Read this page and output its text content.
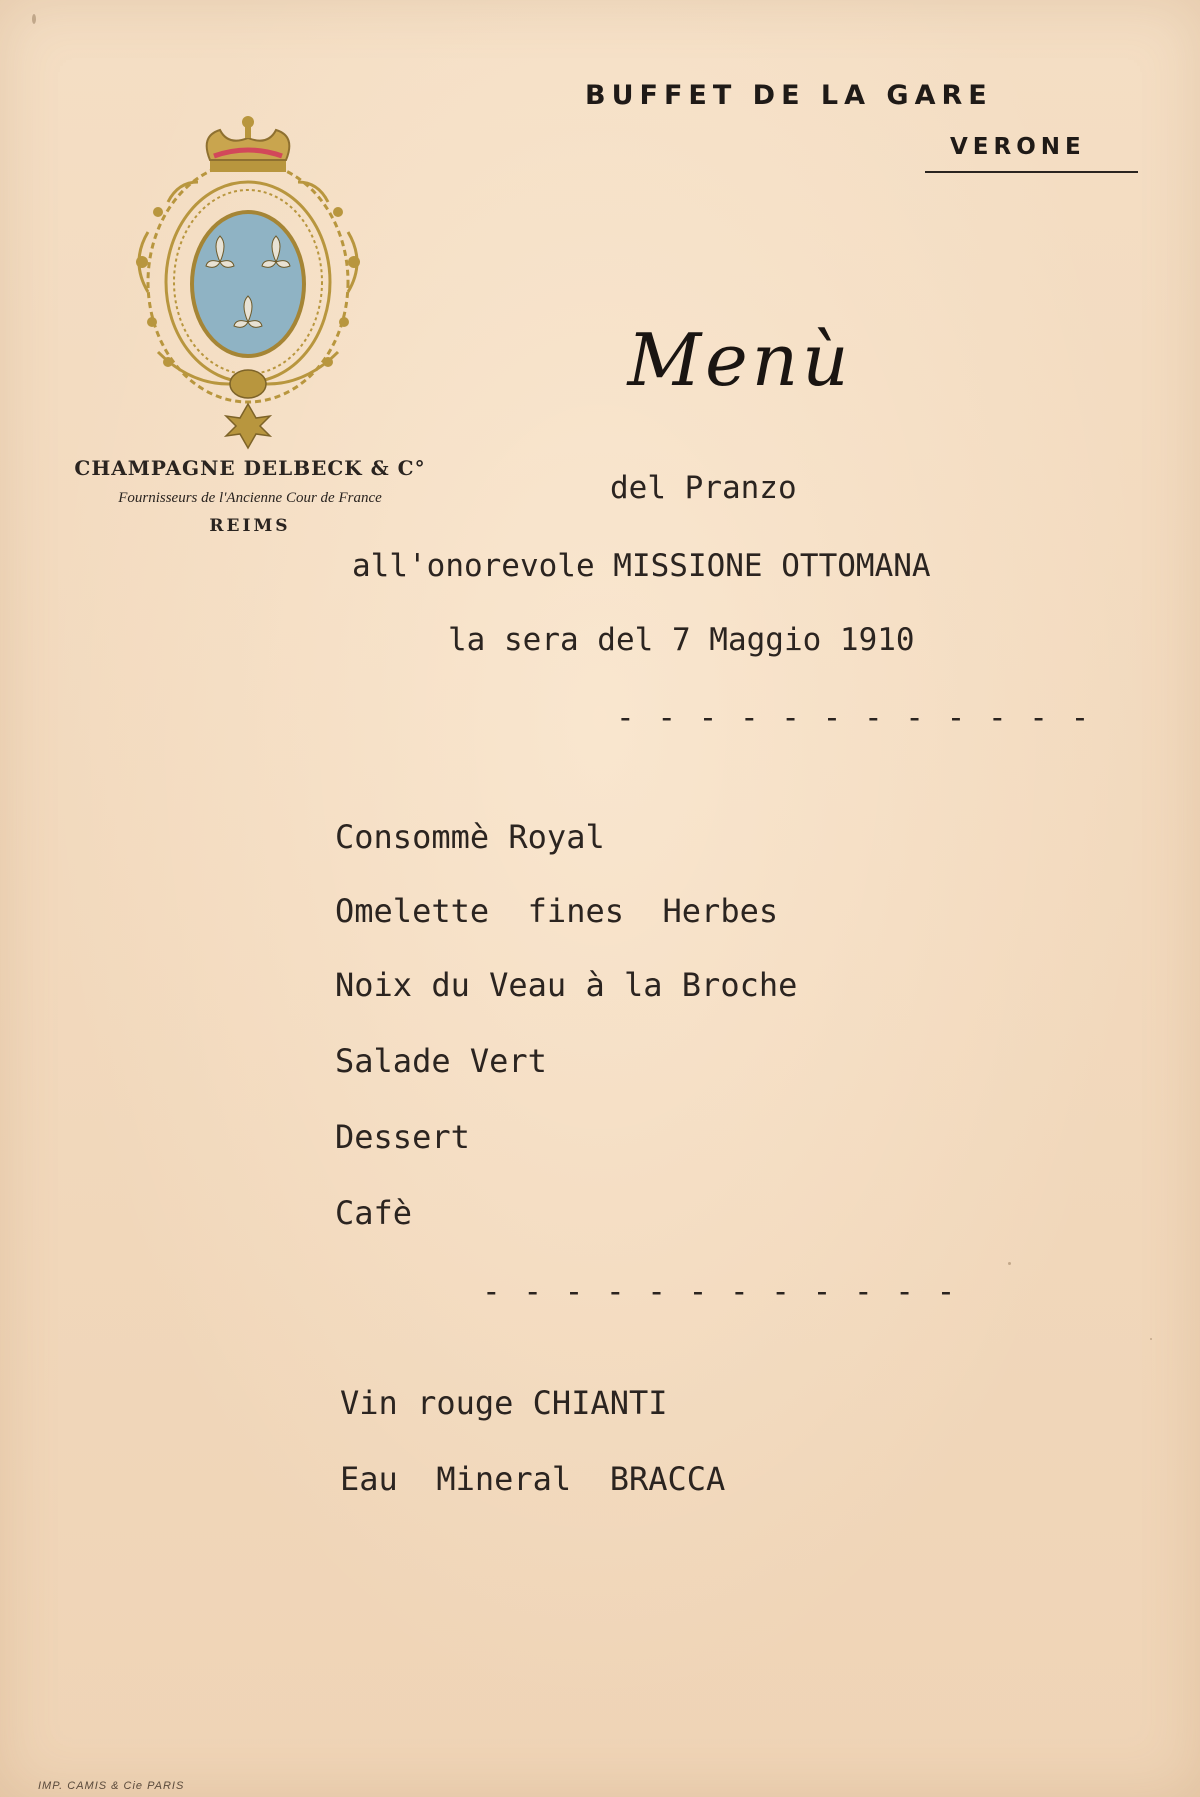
BUFFET DE LA GARE
VERONE
CHAMPAGNE DELBECK & C°
Fournisseurs de l'Ancienne Cour de France
REIMS
Menù
del Pranzo
all'onorevole MISSIONE OTTOMANA
la sera del 7 Maggio 1910
- - - - - - - - - - - -
Consommè Royal
Omelette  fines  Herbes
Noix du Veau à la Broche
Salade Vert
Dessert
Cafè
- - - - - - - - - - - -
Vin rouge CHIANTI
Eau  Mineral  BRACCA
IMP. CAMIS & Cie PARIS
